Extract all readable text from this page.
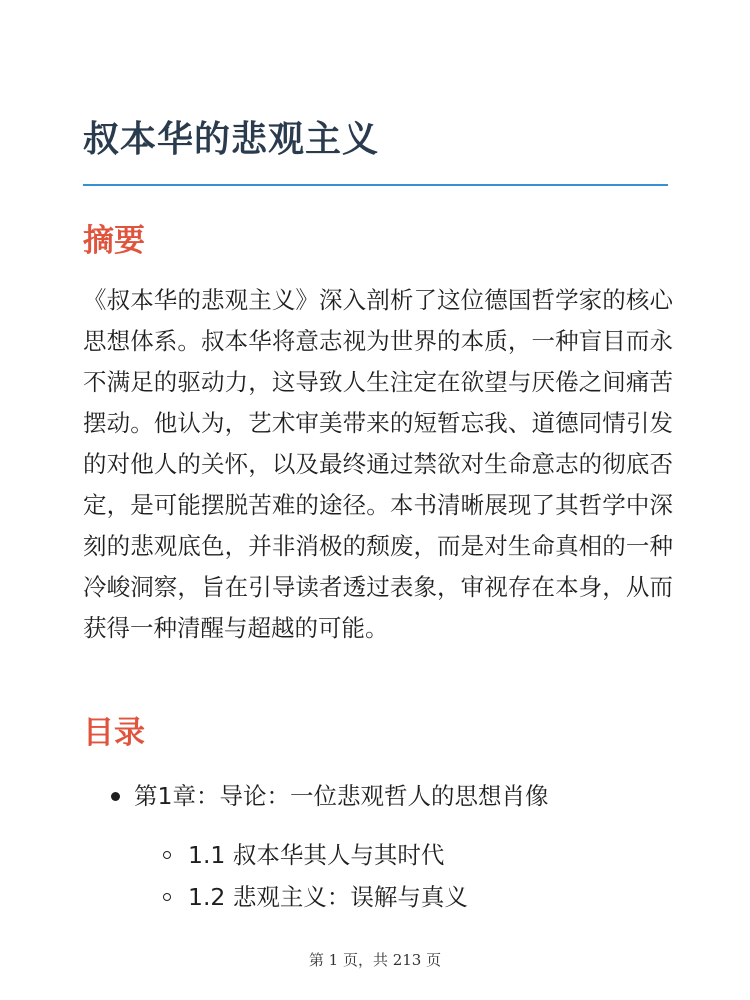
叔本华的悲观主义
摘要

《叔本华的悲观主义》深入剖析了这位德国哲学家的核心思想体系。叔本华将意志视为世界的本质，一种盲目而永不满足的驱动力，这导致人生注定在欲望与厌倦之间痛苦摆动。他认为，艺术审美带来的短暂忘我、道德同情引发的对他人的关怀，以及最终通过禁欲对生命意志的彻底否定，是可能摆脱苦难的途径。本书清晰展现了其哲学中深刻的悲观底色，并非消极的颓废，而是对生命真相的一种冷峻洞察，旨在引导读者透过表象，审视存在本身，从而获得一种清醒与超越的可能。

目录
第1章：导论：一位悲观哲人的思想肖像
1.1 叔本华其人与其时代
1.2 悲观主义：误解与真义
第 1 页，共 213 页
